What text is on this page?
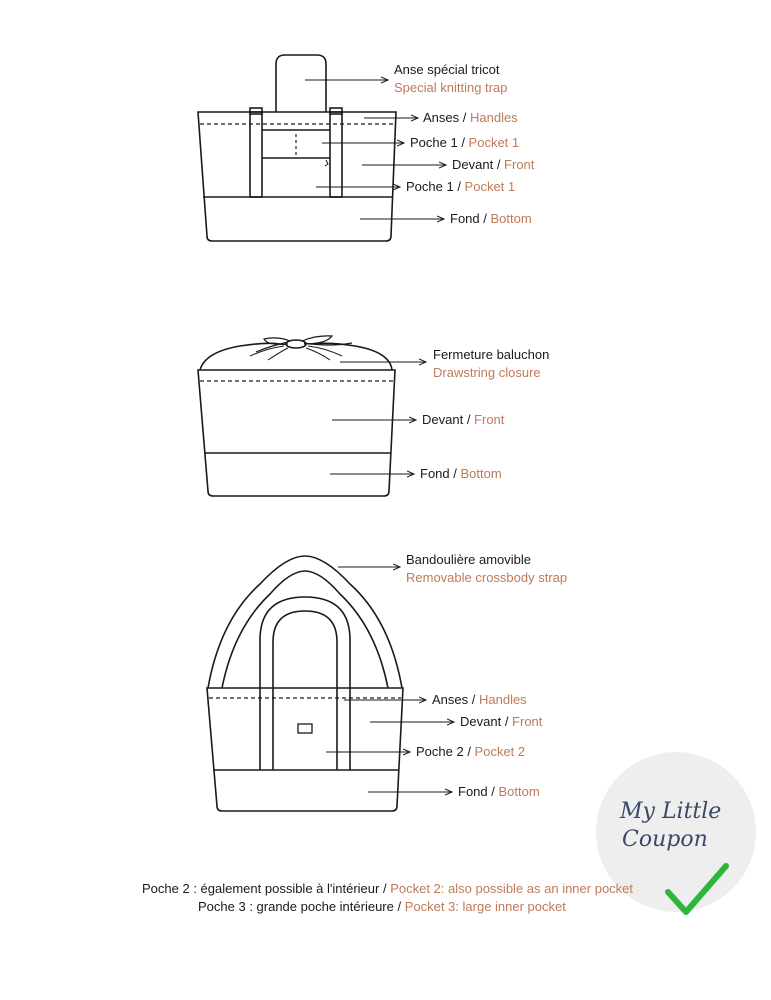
Anse spécial tricot
Special knitting trap
Anses / Handles
Poche 1 / Pocket 1
Devant / Front
Poche 1 / Pocket 1
Fond / Bottom
Fermeture baluchon
Drawstring closure
Devant / Front
Fond / Bottom
Bandoulière amovible
Removable crossbody strap
Anses / Handles
Devant / Front
Poche 2 / Pocket 2
Fond / Bottom
My Little
Coupon
Poche 2 : également possible à l'intérieur / Pocket 2: also possible as an inner pocket
Poche 3 : grande poche intérieure / Pocket 3: large inner pocket
